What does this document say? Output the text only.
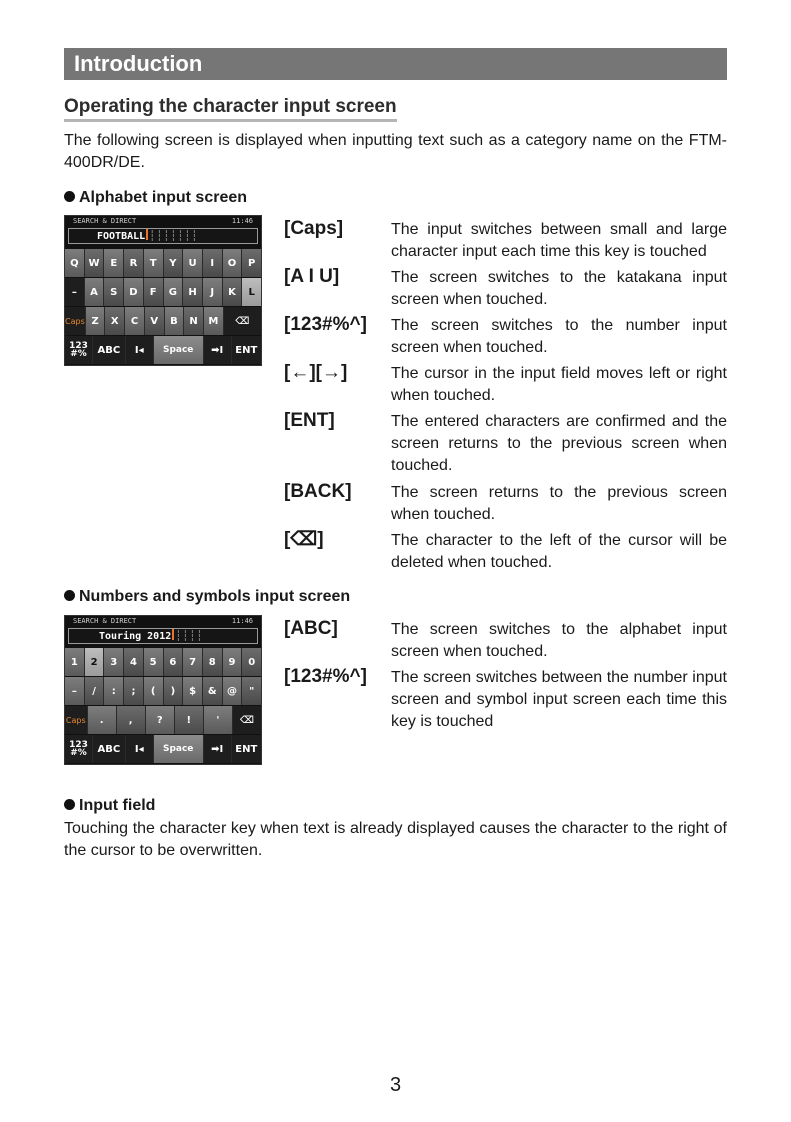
Introduction
Operating the character input screen

The following screen is displayed when inputting text such as a category name on the FTM-400DR/DE.

Alphabet input screen

SEARCH & DIRECT	11:46
FOOTBALL ┆┆┆┆┆┆┆
Q W	E	R	T	Y	U	I	O	P
–	A	S	D	F	G	H	J	K	L
Caps Z	X	C	V	B	N	M	⌫
123 #%	ABC	I◂	Space	➡I	ENT
[Caps]	The input switches between small and large character input each time this key is touched
[A I U]	The screen switches to the katakana input screen when touched.
[123#%^] The screen switches to the number input screen when touched.
[←][→]	The cursor in the input field moves left or right when touched.
[ENT]	The entered characters are confirmed and the screen returns to the previous screen when touched.
[BACK] The screen returns to the previous screen when touched.
[⌫]	The character to the left of the cursor will be deleted when touched.

Numbers and symbols input screen

SEARCH & DIRECT	11:46
Touring 2012 ┆┆┆┆
1	2	3	4	5	6	7	8	9	0
–	/	:	;	(	)	$	&	@	"
Caps	.	,	?	!	'	⌫
123 #%	ABC	I◂	Space	➡I	ENT
[ABC]	The screen switches to the alphabet input screen when touched.
[123#%^] The screen switches between the number input screen and symbol input screen each time this key is touched

Input field

Touching the character key when text is already displayed causes the character to the right of the cursor to be overwritten.

3
